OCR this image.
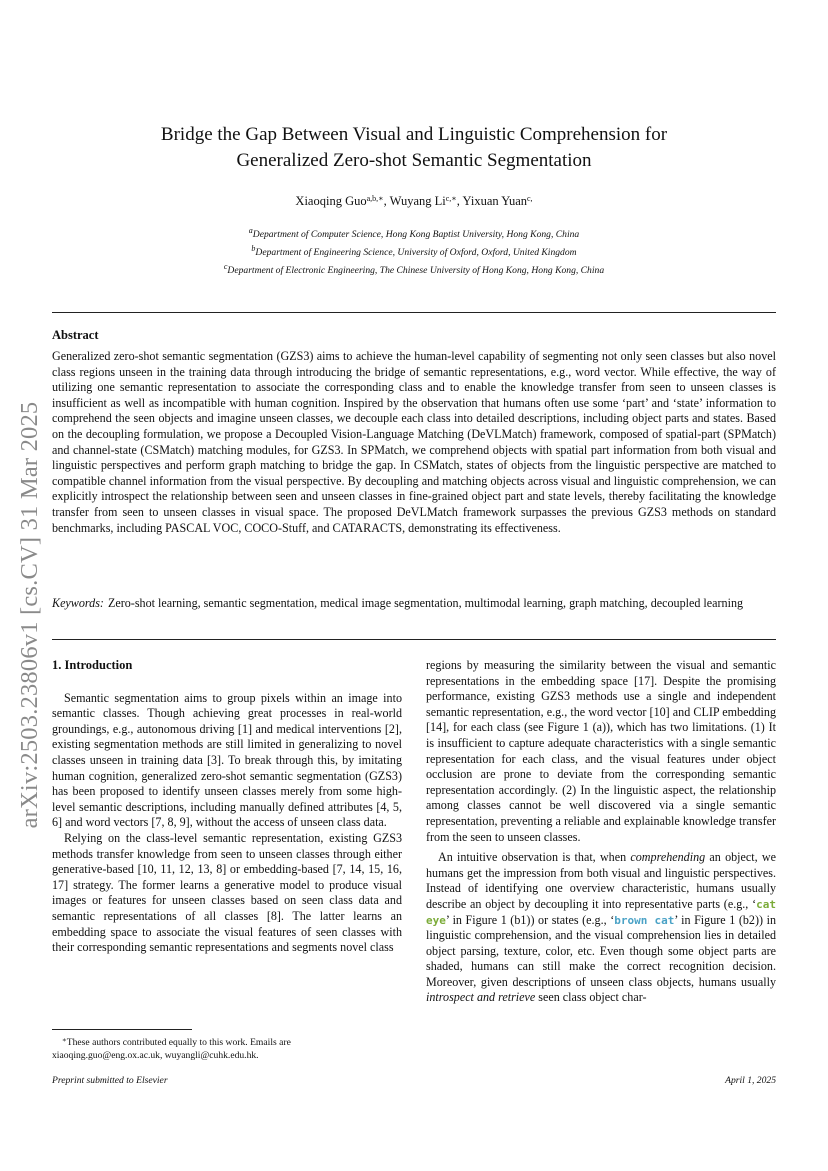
arXiv:2503.23806v1 [cs.CV] 31 Mar 2025
Bridge the Gap Between Visual and Linguistic Comprehension for
Generalized Zero-shot Semantic Segmentation
Xiaoqing Guo$^{a,b,∗}$, Wuyang $Li^{c,∗}$, Yixuan Yuan$^{c,}$
$^a$Department of Computer Science, Hong Kong Baptist University, Hong Kong, China
$^b$Department of Engineering Science, University of Oxford, Oxford, United Kingdom
$^c$Department of Electronic Engineering, The Chinese University of Hong Kong, Hong Kong, China
Abstract
Generalized zero-shot semantic segmentation (GZS3) aims to achieve the human-level capability of segmenting not only seen classes but also novel class regions unseen in the training data through introducing the bridge of semantic representations, e.g., word vector. While effective, the way of utilizing one semantic representation to associate the corresponding class and to enable the knowledge transfer from seen to unseen classes is insufficient as well as incompatible with human cognition. Inspired by the observation that humans often use some ‘part’ and ‘state’ information to comprehend the seen objects and imagine unseen classes, we decouple each class into detailed descriptions, including object parts and states. Based on the decoupling formulation, we propose a Decoupled Vision-Language Matching (DeVLMatch) framework, composed of spatial-part (SPMatch) and channel-state (CSMatch) matching modules, for GZS3. In SPMatch, we comprehend objects with spatial part information from both visual and linguistic perspectives and perform graph matching to bridge the gap. In CSMatch, states of objects from the linguistic perspective are matched to compatible channel information from the visual perspective. By decoupling and matching objects across visual and linguistic comprehension, we can explicitly introspect the relationship between seen and unseen classes in fine-grained object part and state levels, thereby facilitating the knowledge transfer from seen to unseen classes in visual space. The proposed DeVLMatch framework surpasses the previous GZS3 methods on standard benchmarks, including PASCAL VOC, COCO-Stuff, and CATARACTS, demonstrating its effectiveness.
Keywords: Zero-shot learning, semantic segmentation, medical image segmentation, multimodal learning, graph matching, decoupled learning
1. Introduction

Semantic segmentation aims to group pixels within an image into semantic classes. Though achieving great processes in real-world groundings, e.g., autonomous driving [1] and medical interventions [2], existing segmentation methods are still limited in generalizing to novel classes unseen in training data [3]. To break through this, by imitating human cognition, generalized zero-shot semantic segmentation (GZS3) has been proposed to identify unseen classes merely from some high-level semantic descriptions, including manually defined attributes [4, 5, 6] and word vectors [7, 8, 9], without the access of unseen class data.

Relying on the class-level semantic representation, existing GZS3 methods transfer knowledge from seen to unseen classes through either generative-based [10, 11, 12, 13, 8] or embedding-based [7, 14, 15, 16, 17] strategy. The former learns a generative model to produce visual images or features for unseen classes based on seen class data and semantic representations of all classes [8]. The latter learns an embedding space to associate the visual features of seen classes with their corresponding semantic representations and segments novel class

regions by measuring the similarity between the visual and semantic representations in the embedding space [17]. Despite the promising performance, existing GZS3 methods use a single and independent semantic representation, e.g., the word vector [10] and CLIP embedding [14], for each class (see Figure 1 (a)), which has two limitations. (1) It is insufficient to capture adequate characteristics with a single semantic representation for each class, and the visual features under object occlusion are prone to deviate from the corresponding semantic representation accordingly. (2) In the linguistic aspect, the relationship among classes cannot be well discovered via a single semantic representation, preventing a reliable and explainable knowledge transfer from the seen to unseen classes.

An intuitive observation is that, when comprehending an object, we humans get the impression from both visual and linguistic perspectives. Instead of identifying one overview characteristic, humans usually describe an object by decoupling it into representative parts (e.g., ‘cat eye’ in Figure 1 (b1)) or states (e.g., ‘brown cat’ in Figure 1 (b2)) in linguistic comprehension, and the visual comprehension lies in detailed object parsing, texture, color, etc. Even though some object parts are shaded, humans can still make the correct recognition decision. Moreover, given descriptions of unseen class objects, humans usually introspect and retrieve seen class object char-

∗These authors contributed equally to this work. Emails are
xiaoqing.guo@eng.ox.ac.uk, wuyangli@cuhk.edu.hk.
Preprint submitted to Elsevier	April 1, 2025
